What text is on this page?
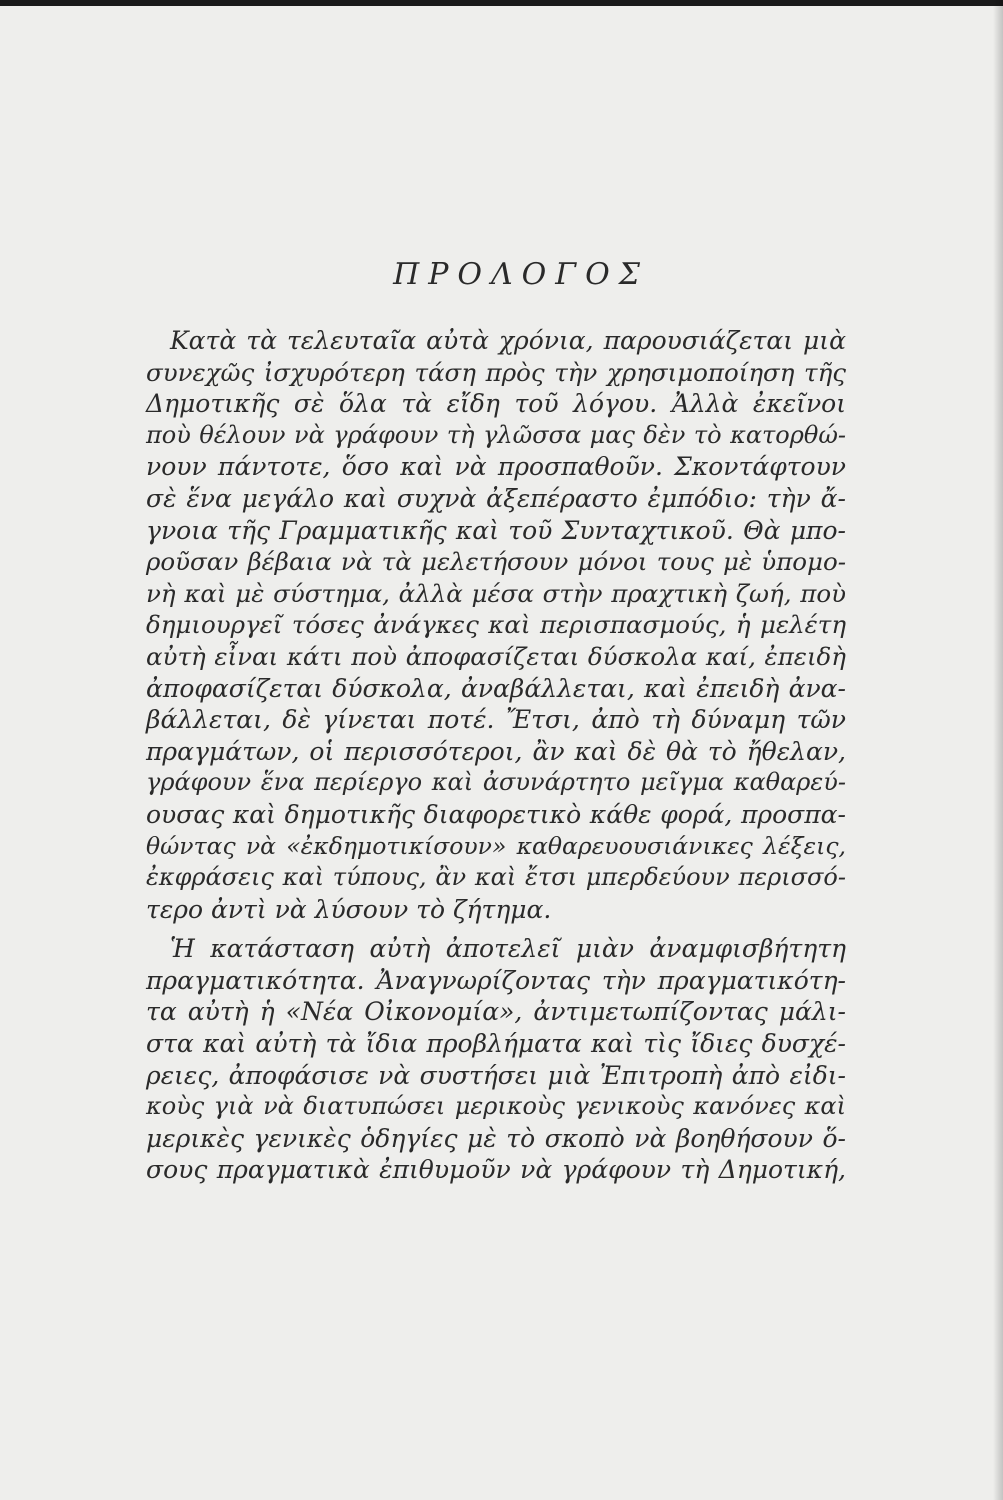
ΠΡΟΛΟΓΟΣ
Κατὰ τὰ τελευταῖα αὐτὰ χρόνια, παρουσιάζεται μιὰ
συνεχῶς ἰσχυρότερη τάση πρὸς τὴν χρησιμοποίηση τῆς
Δημοτικῆς σὲ ὅλα τὰ εἴδη τοῦ λόγου. Ἀλλὰ ἐκεῖνοι
ποὺ θέλουν νὰ γράφουν τὴ γλῶσσα μας δὲν τὸ κατορθώ-
νουν πάντοτε, ὅσο καὶ νὰ προσπαθοῦν. Σκοντάφτουν
σὲ ἕνα μεγάλο καὶ συχνὰ ἀξεπέραστο ἐμπόδιο: τὴν ἄ-
γνοια τῆς Γραμματικῆς καὶ τοῦ Συνταχτικοῦ. Θὰ μπο-
ροῦσαν βέβαια νὰ τὰ μελετήσουν μόνοι τους μὲ ὑπομο-
νὴ καὶ μὲ σύστημα, ἀλλὰ μέσα στὴν πραχτικὴ ζωή, ποὺ
δημιουργεῖ τόσες ἀνάγκες καὶ περισπασμούς, ἡ μελέτη
αὐτὴ εἶναι κάτι ποὺ ἀποφασίζεται δύσκολα καί, ἐπειδὴ
ἀποφασίζεται δύσκολα, ἀναβάλλεται, καὶ ἐπειδὴ ἀνα-
βάλλεται, δὲ γίνεται ποτέ. Ἔτσι, ἀπὸ τὴ δύναμη τῶν
πραγμάτων, οἱ περισσότεροι, ἂν καὶ δὲ θὰ τὸ ἤθελαν,
γράφουν ἕνα περίεργο καὶ ἀσυνάρτητο μεῖγμα καθαρεύ-
ουσας καὶ δημοτικῆς διαφορετικὸ κάθε φορά, προσπα-
θώντας νὰ «ἐκδημοτικίσουν» καθαρευουσιάνικες λέξεις,
ἐκφράσεις καὶ τύπους, ἂν καὶ ἔτσι μπερδεύουν περισσό-
τερο ἀντὶ νὰ λύσουν τὸ ζήτημα.
Ἡ κατάσταση αὐτὴ ἀποτελεῖ μιὰν ἀναμφισβήτητη
πραγματικότητα. Ἀναγνωρίζοντας τὴν πραγματικότη-
τα αὐτὴ ἡ «Νέα Οἰκονομία», ἀντιμετωπίζοντας μάλι-
στα καὶ αὐτὴ τὰ ἴδια προβλήματα καὶ τὶς ἴδιες δυσχέ-
ρειες, ἀποφάσισε νὰ συστήσει μιὰ Ἐπιτροπὴ ἀπὸ εἰδι-
κοὺς γιὰ νὰ διατυπώσει μερικοὺς γενικοὺς κανόνες καὶ
μερικὲς γενικὲς ὁδηγίες μὲ τὸ σκοπὸ νὰ βοηθήσουν ὅ-
σους πραγματικὰ ἐπιθυμοῦν νὰ γράφουν τὴ Δημοτική,
